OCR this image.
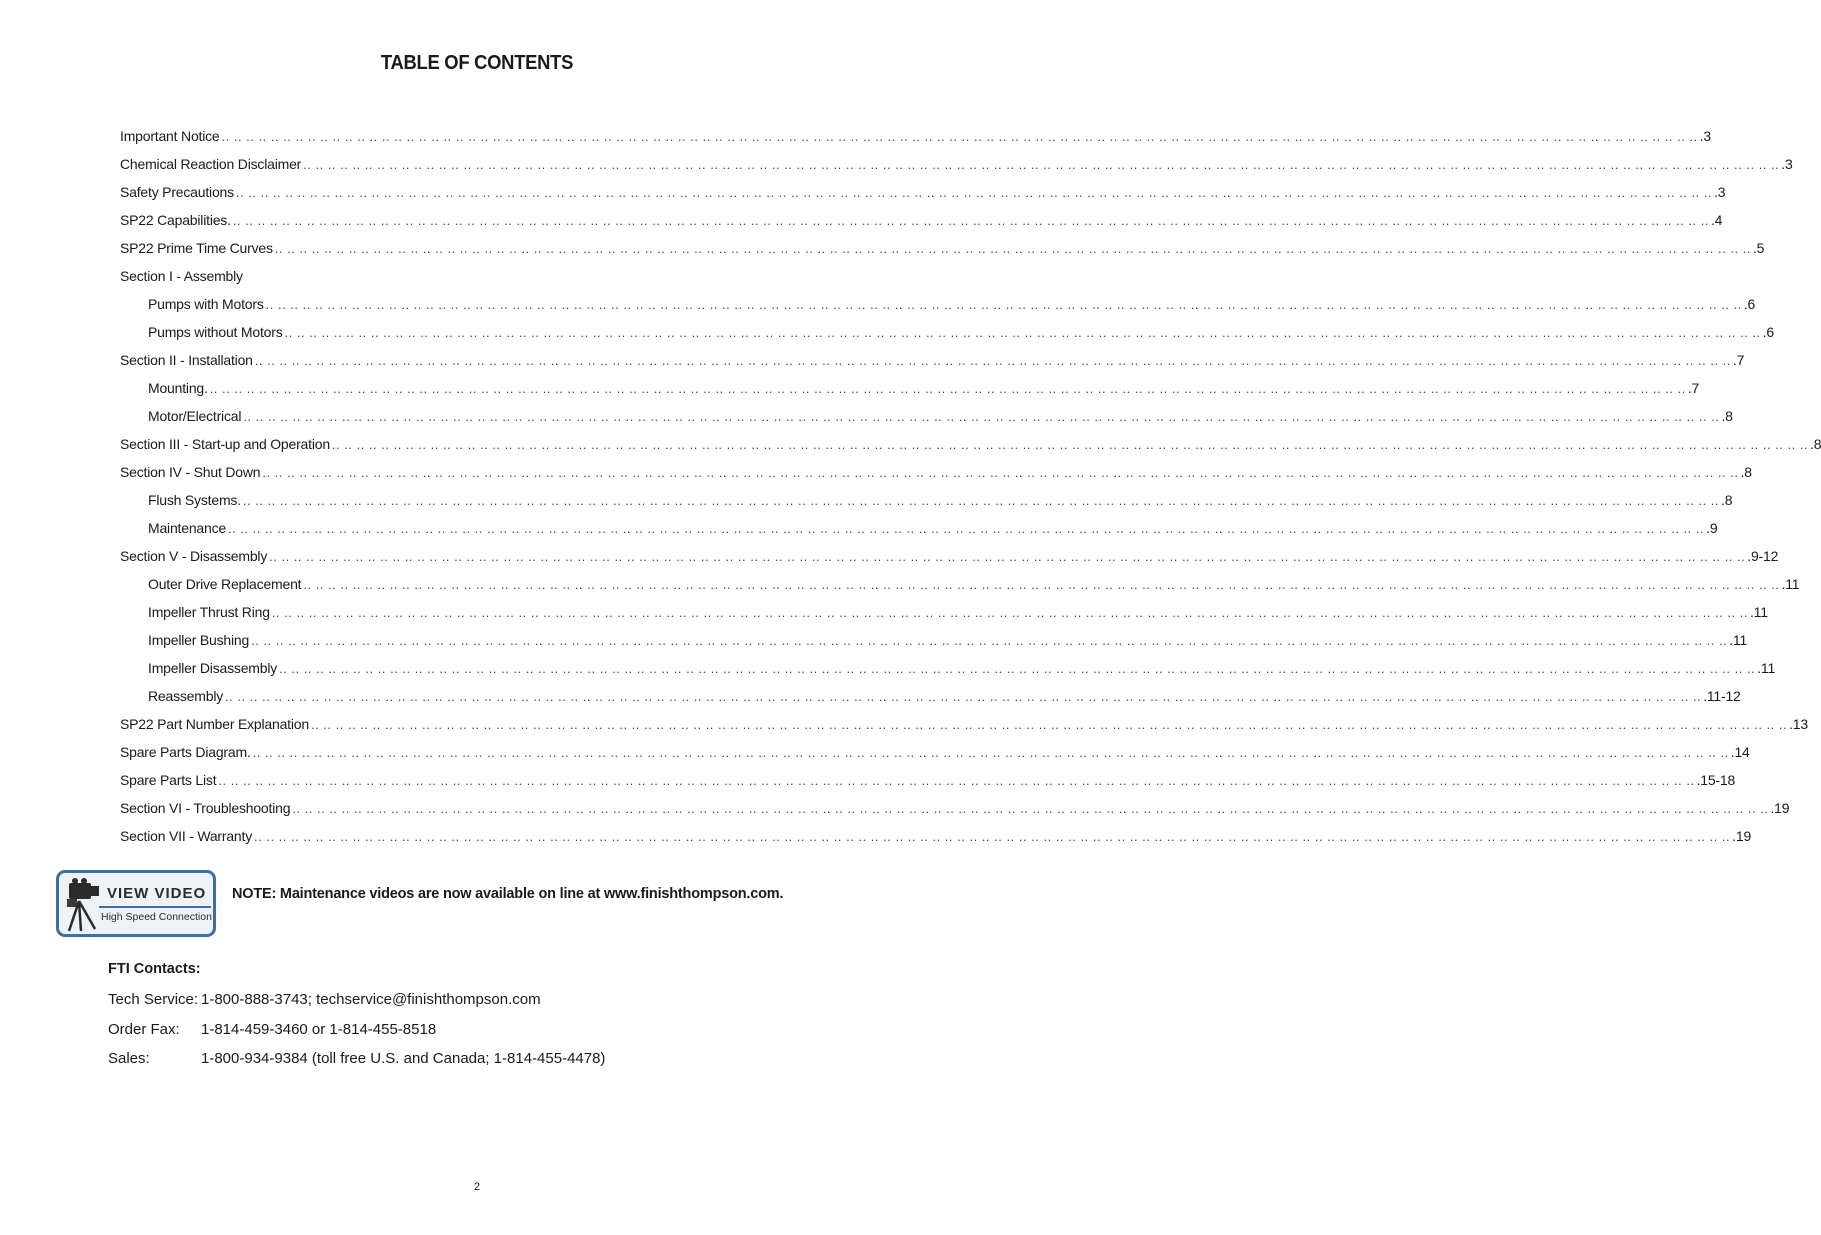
TABLE OF CONTENTS
Important Notice .. .. .. .. .. .. .. .. .. .. .. .. .. .. .. .. .. .. .. .. .. .. .. .. .. .. .. .. .. .. .. .. .. .. .. .. .. .. .. .. .. .. .. .. .. .. .. .. .. .. .. .. .. .. .. .. .. .. .. .. .. .. .. .. .. .. .. .. .. .. .. .. .. .. .. .. .. .. .. .. .. .. .. .. .. .. .. .. .. .. .. .. .. .. .. .. .. .. .. .. .. .. .. .. .. .. .. .. .. .. .. .. .. .. .. .. .. .. .. .. .3
Chemical Reaction Disclaimer .. .. .. .. .. .. .. .. .. .. .. .. .. .. .. .. .. .. .. .. .. .. .. .. .. .. .. .. .. .. .. .. .. .. .. .. .. .. .. .. .. .. .. .. .. .. .. .. .. .. .. .. .. .. .. .. .. .. .. .. .. .. .. .. .. .. .. .. .. .. .. .. .. .. .. .. .. .. .. .. .. .. .. .. .. .. .. .. .. .. .. .. .. .. .. .. .. .. .. .. .. .. .. .. .. .. .. .. .. .. .. .. .. .. .. .. .. .. .. .. .3
Safety Precautions .. .. .. .. .. .. .. .. .. .. .. .. .. .. .. .. .. .. .. .. .. .. .. .. .. .. .. .. .. .. .. .. .. .. .. .. .. .. .. .. .. .. .. .. .. .. .. .. .. .. .. .. .. .. .. .. .. .. .. .. .. .. .. .. .. .. .. .. .. .. .. .. .. .. .. .. .. .. .. .. .. .. .. .. .. .. .. .. .. .. .. .. .. .. .. .. .. .. .. .. .. .. .. .. .. .. .. .. .. .. .. .. .. .. .. .. .. .. .. .. .3
SP22 Capabilities. .. .. .. .. .. .. .. .. .. .. .. .. .. .. .. .. .. .. .. .. .. .. .. .. .. .. .. .. .. .. .. .. .. .. .. .. .. .. .. .. .. .. .. .. .. .. .. .. .. .. .. .. .. .. .. .. .. .. .. .. .. .. .. .. .. .. .. .. .. .. .. .. .. .. .. .. .. .. .. .. .. .. .. .. .. .. .. .. .. .. .. .. .. .. .. .. .. .. .. .. .. .. .. .. .. .. .. .. .. .. .. .. .. .. .. .. .. .. .. .. .4
SP22 Prime Time Curves .. .. .. .. .. .. .. .. .. .. .. .. .. .. .. .. .. .. .. .. .. .. .. .. .. .. .. .. .. .. .. .. .. .. .. .. .. .. .. .. .. .. .. .. .. .. .. .. .. .. .. .. .. .. .. .. .. .. .. .. .. .. .. .. .. .. .. .. .. .. .. .. .. .. .. .. .. .. .. .. .. .. .. .. .. .. .. .. .. .. .. .. .. .. .. .. .. .. .. .. .. .. .. .. .. .. .. .. .. .. .. .. .. .. .. .. .. .. .. .. .5
Section I - Assembly
Pumps with Motors .. .. .. .. .. .. .. .. .. .. .. .. .. .. .. .. .. .. .. .. .. .. .. .. .. .. .. .. .. .. .. .. .. .. .. .. .. .. .. .. .. .. .. .. .. .. .. .. .. .. .. .. .. .. .. .. .. .. .. .. .. .. .. .. .. .. .. .. .. .. .. .. .. .. .. .. .. .. .. .. .. .. .. .. .. .. .. .. .. .. .. .. .. .. .. .. .. .. .. .. .. .. .. .. .. .. .. .. .. .. .. .. .. .. .. .. .. .. .. .. .6
Pumps without Motors .. .. .. .. .. .. .. .. .. .. .. .. .. .. .. .. .. .. .. .. .. .. .. .. .. .. .. .. .. .. .. .. .. .. .. .. .. .. .. .. .. .. .. .. .. .. .. .. .. .. .. .. .. .. .. .. .. .. .. .. .. .. .. .. .. .. .. .. .. .. .. .. .. .. .. .. .. .. .. .. .. .. .. .. .. .. .. .. .. .. .. .. .. .. .. .. .. .. .. .. .. .. .. .. .. .. .. .. .. .. .. .. .. .. .. .. .. .. .. .. .6
Section II - Installation .. .. .. .. .. .. .. .. .. .. .. .. .. .. .. .. .. .. .. .. .. .. .. .. .. .. .. .. .. .. .. .. .. .. .. .. .. .. .. .. .. .. .. .. .. .. .. .. .. .. .. .. .. .. .. .. .. .. .. .. .. .. .. .. .. .. .. .. .. .. .. .. .. .. .. .. .. .. .. .. .. .. .. .. .. .. .. .. .. .. .. .. .. .. .. .. .. .. .. .. .. .. .. .. .. .. .. .. .. .. .. .. .. .. .. .. .. .. .. .. .7
Mounting. .. .. .. .. .. .. .. .. .. .. .. .. .. .. .. .. .. .. .. .. .. .. .. .. .. .. .. .. .. .. .. .. .. .. .. .. .. .. .. .. .. .. .. .. .. .. .. .. .. .. .. .. .. .. .. .. .. .. .. .. .. .. .. .. .. .. .. .. .. .. .. .. .. .. .. .. .. .. .. .. .. .. .. .. .. .. .. .. .. .. .. .. .. .. .. .. .. .. .. .. .. .. .. .. .. .. .. .. .. .. .. .. .. .. .. .. .. .. .. .. .7
Motor/Electrical .. .. .. .. .. .. .. .. .. .. .. .. .. .. .. .. .. .. .. .. .. .. .. .. .. .. .. .. .. .. .. .. .. .. .. .. .. .. .. .. .. .. .. .. .. .. .. .. .. .. .. .. .. .. .. .. .. .. .. .. .. .. .. .. .. .. .. .. .. .. .. .. .. .. .. .. .. .. .. .. .. .. .. .. .. .. .. .. .. .. .. .. .. .. .. .. .. .. .. .. .. .. .. .. .. .. .. .. .. .. .. .. .. .. .. .. .. .. .. .. .8
Section III - Start-up and Operation .. .. .. .. .. .. .. .. .. .. .. .. .. .. .. .. .. .. .. .. .. .. .. .. .. .. .. .. .. .. .. .. .. .. .. .. .. .. .. .. .. .. .. .. .. .. .. .. .. .. .. .. .. .. .. .. .. .. .. .. .. .. .. .. .. .. .. .. .. .. .. .. .. .. .. .. .. .. .. .. .. .. .. .. .. .. .. .. .. .. .. .. .. .. .. .. .. .. .. .. .. .. .. .. .. .. .. .. .. .. .. .. .. .. .. .. .. .. .. .. .8
Section IV - Shut Down .. .. .. .. .. .. .. .. .. .. .. .. .. .. .. .. .. .. .. .. .. .. .. .. .. .. .. .. .. .. .. .. .. .. .. .. .. .. .. .. .. .. .. .. .. .. .. .. .. .. .. .. .. .. .. .. .. .. .. .. .. .. .. .. .. .. .. .. .. .. .. .. .. .. .. .. .. .. .. .. .. .. .. .. .. .. .. .. .. .. .. .. .. .. .. .. .. .. .. .. .. .. .. .. .. .. .. .. .. .. .. .. .. .. .. .. .. .. .. .. .8
Flush Systems. .. .. .. .. .. .. .. .. .. .. .. .. .. .. .. .. .. .. .. .. .. .. .. .. .. .. .. .. .. .. .. .. .. .. .. .. .. .. .. .. .. .. .. .. .. .. .. .. .. .. .. .. .. .. .. .. .. .. .. .. .. .. .. .. .. .. .. .. .. .. .. .. .. .. .. .. .. .. .. .. .. .. .. .. .. .. .. .. .. .. .. .. .. .. .. .. .. .. .. .. .. .. .. .. .. .. .. .. .. .. .. .. .. .. .. .. .. .. .. .. .8
Maintenance .. .. .. .. .. .. .. .. .. .. .. .. .. .. .. .. .. .. .. .. .. .. .. .. .. .. .. .. .. .. .. .. .. .. .. .. .. .. .. .. .. .. .. .. .. .. .. .. .. .. .. .. .. .. .. .. .. .. .. .. .. .. .. .. .. .. .. .. .. .. .. .. .. .. .. .. .. .. .. .. .. .. .. .. .. .. .. .. .. .. .. .. .. .. .. .. .. .. .. .. .. .. .. .. .. .. .. .. .. .. .. .. .. .. .. .. .. .. .. .. .9
Section V - Disassembly .. .. .. .. .. .. .. .. .. .. .. .. .. .. .. .. .. .. .. .. .. .. .. .. .. .. .. .. .. .. .. .. .. .. .. .. .. .. .. .. .. .. .. .. .. .. .. .. .. .. .. .. .. .. .. .. .. .. .. .. .. .. .. .. .. .. .. .. .. .. .. .. .. .. .. .. .. .. .. .. .. .. .. .. .. .. .. .. .. .. .. .. .. .. .. .. .. .. .. .. .. .. .. .. .. .. .. .. .. .. .. .. .. .. .. .. .. .. .. .. .9-12
Outer Drive Replacement .. .. .. .. .. .. .. .. .. .. .. .. .. .. .. .. .. .. .. .. .. .. .. .. .. .. .. .. .. .. .. .. .. .. .. .. .. .. .. .. .. .. .. .. .. .. .. .. .. .. .. .. .. .. .. .. .. .. .. .. .. .. .. .. .. .. .. .. .. .. .. .. .. .. .. .. .. .. .. .. .. .. .. .. .. .. .. .. .. .. .. .. .. .. .. .. .. .. .. .. .. .. .. .. .. .. .. .. .. .. .. .. .. .. .. .. .. .. .. .. .11
Impeller Thrust Ring .. .. .. .. .. .. .. .. .. .. .. .. .. .. .. .. .. .. .. .. .. .. .. .. .. .. .. .. .. .. .. .. .. .. .. .. .. .. .. .. .. .. .. .. .. .. .. .. .. .. .. .. .. .. .. .. .. .. .. .. .. .. .. .. .. .. .. .. .. .. .. .. .. .. .. .. .. .. .. .. .. .. .. .. .. .. .. .. .. .. .. .. .. .. .. .. .. .. .. .. .. .. .. .. .. .. .. .. .. .. .. .. .. .. .. .. .. .. .. .. .11
Impeller Bushing .. .. .. .. .. .. .. .. .. .. .. .. .. .. .. .. .. .. .. .. .. .. .. .. .. .. .. .. .. .. .. .. .. .. .. .. .. .. .. .. .. .. .. .. .. .. .. .. .. .. .. .. .. .. .. .. .. .. .. .. .. .. .. .. .. .. .. .. .. .. .. .. .. .. .. .. .. .. .. .. .. .. .. .. .. .. .. .. .. .. .. .. .. .. .. .. .. .. .. .. .. .. .. .. .. .. .. .. .. .. .. .. .. .. .. .. .. .. .. .. .11
Impeller Disassembly .. .. .. .. .. .. .. .. .. .. .. .. .. .. .. .. .. .. .. .. .. .. .. .. .. .. .. .. .. .. .. .. .. .. .. .. .. .. .. .. .. .. .. .. .. .. .. .. .. .. .. .. .. .. .. .. .. .. .. .. .. .. .. .. .. .. .. .. .. .. .. .. .. .. .. .. .. .. .. .. .. .. .. .. .. .. .. .. .. .. .. .. .. .. .. .. .. .. .. .. .. .. .. .. .. .. .. .. .. .. .. .. .. .. .. .. .. .. .. .. .11
Reassembly .. .. .. .. .. .. .. .. .. .. .. .. .. .. .. .. .. .. .. .. .. .. .. .. .. .. .. .. .. .. .. .. .. .. .. .. .. .. .. .. .. .. .. .. .. .. .. .. .. .. .. .. .. .. .. .. .. .. .. .. .. .. .. .. .. .. .. .. .. .. .. .. .. .. .. .. .. .. .. .. .. .. .. .. .. .. .. .. .. .. .. .. .. .. .. .. .. .. .. .. .. .. .. .. .. .. .. .. .. .. .. .. .. .. .. .. .. .. .. .. .11-12
SP22 Part Number Explanation .. .. .. .. .. .. .. .. .. .. .. .. .. .. .. .. .. .. .. .. .. .. .. .. .. .. .. .. .. .. .. .. .. .. .. .. .. .. .. .. .. .. .. .. .. .. .. .. .. .. .. .. .. .. .. .. .. .. .. .. .. .. .. .. .. .. .. .. .. .. .. .. .. .. .. .. .. .. .. .. .. .. .. .. .. .. .. .. .. .. .. .. .. .. .. .. .. .. .. .. .. .. .. .. .. .. .. .. .. .. .. .. .. .. .. .. .. .. .. .. .13
Spare Parts Diagram. .. .. .. .. .. .. .. .. .. .. .. .. .. .. .. .. .. .. .. .. .. .. .. .. .. .. .. .. .. .. .. .. .. .. .. .. .. .. .. .. .. .. .. .. .. .. .. .. .. .. .. .. .. .. .. .. .. .. .. .. .. .. .. .. .. .. .. .. .. .. .. .. .. .. .. .. .. .. .. .. .. .. .. .. .. .. .. .. .. .. .. .. .. .. .. .. .. .. .. .. .. .. .. .. .. .. .. .. .. .. .. .. .. .. .. .. .. .. .. .. .14
Spare Parts List .. .. .. .. .. .. .. .. .. .. .. .. .. .. .. .. .. .. .. .. .. .. .. .. .. .. .. .. .. .. .. .. .. .. .. .. .. .. .. .. .. .. .. .. .. .. .. .. .. .. .. .. .. .. .. .. .. .. .. .. .. .. .. .. .. .. .. .. .. .. .. .. .. .. .. .. .. .. .. .. .. .. .. .. .. .. .. .. .. .. .. .. .. .. .. .. .. .. .. .. .. .. .. .. .. .. .. .. .. .. .. .. .. .. .. .. .. .. .. .. .15-18
Section VI - Troubleshooting .. .. .. .. .. .. .. .. .. .. .. .. .. .. .. .. .. .. .. .. .. .. .. .. .. .. .. .. .. .. .. .. .. .. .. .. .. .. .. .. .. .. .. .. .. .. .. .. .. .. .. .. .. .. .. .. .. .. .. .. .. .. .. .. .. .. .. .. .. .. .. .. .. .. .. .. .. .. .. .. .. .. .. .. .. .. .. .. .. .. .. .. .. .. .. .. .. .. .. .. .. .. .. .. .. .. .. .. .. .. .. .. .. .. .. .. .. .. .. .. .19
Section VII - Warranty .. .. .. .. .. .. .. .. .. .. .. .. .. .. .. .. .. .. .. .. .. .. .. .. .. .. .. .. .. .. .. .. .. .. .. .. .. .. .. .. .. .. .. .. .. .. .. .. .. .. .. .. .. .. .. .. .. .. .. .. .. .. .. .. .. .. .. .. .. .. .. .. .. .. .. .. .. .. .. .. .. .. .. .. .. .. .. .. .. .. .. .. .. .. .. .. .. .. .. .. .. .. .. .. .. .. .. .. .. .. .. .. .. .. .. .. .. .. .. .. .19
VIEW VIDEO
High Speed Connection
NOTE: Maintenance videos are now available on line at www.finishthompson.com.
FTI Contacts:
Tech Service: 1-800-888-3743; techservice@finishthompson.com
Order Fax: 1-814-459-3460 or 1-814-455-8518
Sales:	1-800-934-9384 (toll free U.S. and Canada; 1-814-455-4478)
2
